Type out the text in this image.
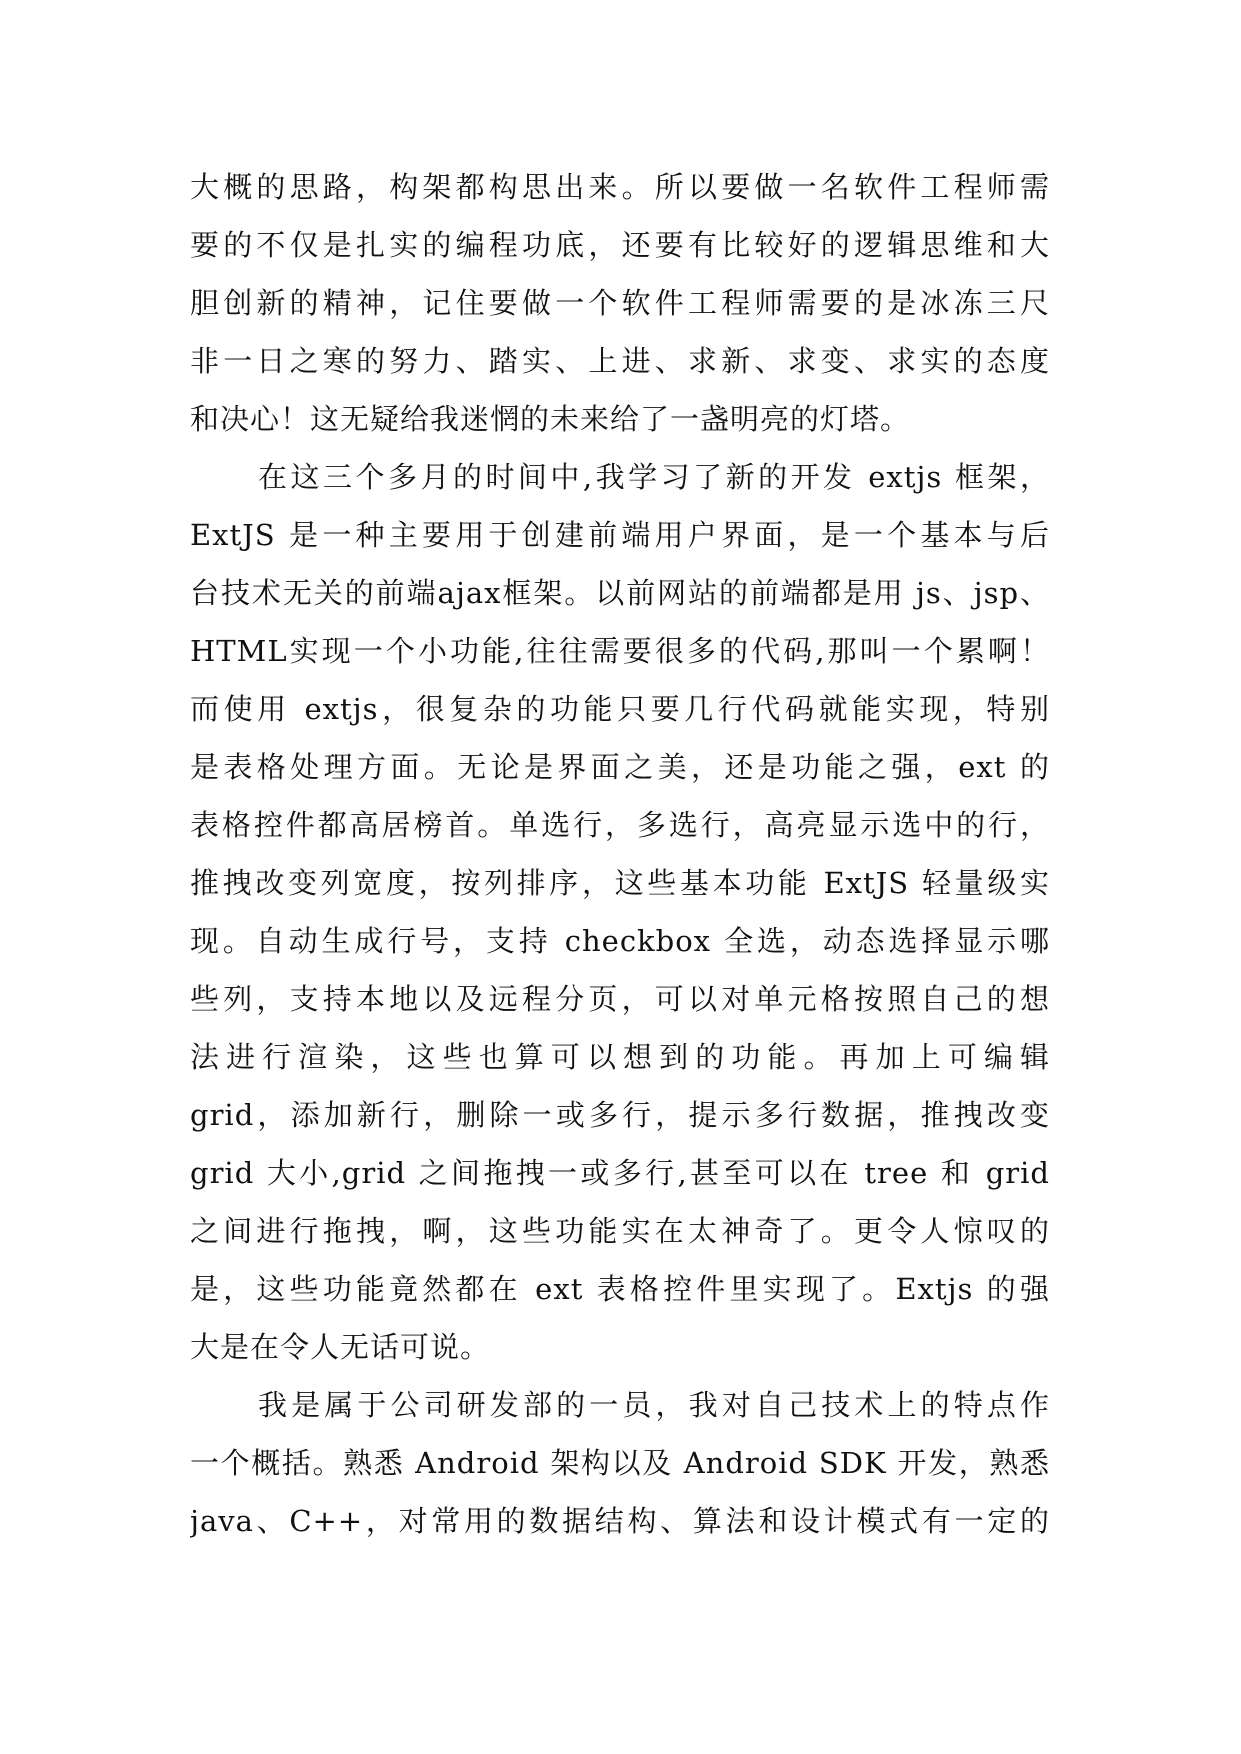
大概的思路，构架都构思出来。所以要做一名软件工程师需
要的不仅是扎实的编程功底，还要有比较好的逻辑思维和大
胆创新的精神，记住要做一个软件工程师需要的是冰冻三尺
非一日之寒的努力、踏实、上进、求新、求变、求实的态度
和决心！这无疑给我迷惘的未来给了一盏明亮的灯塔。
在这三个多月的时间中,我学习了新的开发 extjs 框架，
ExtJS 是一种主要用于创建前端用户界面，是一个基本与后
台技术无关的前端ajax框架。以前网站的前端都是用 js、jsp、
HTML实现一个小功能,往往需要很多的代码,那叫一个累啊！
而使用 extjs，很复杂的功能只要几行代码就能实现，特别
是表格处理方面。无论是界面之美，还是功能之强，ext 的
表格控件都高居榜首。单选行，多选行，高亮显示选中的行，
推拽改变列宽度，按列排序，这些基本功能 ExtJS 轻量级实
现。自动生成行号，支持 checkbox 全选，动态选择显示哪
些列，支持本地以及远程分页，可以对单元格按照自己的想
法进行渲染，这些也算可以想到的功能。再加上可编辑
grid，添加新行，删除一或多行，提示多行数据，推拽改变
grid 大小,grid 之间拖拽一或多行,甚至可以在 tree 和 grid
之间进行拖拽，啊，这些功能实在太神奇了。更令人惊叹的
是，这些功能竟然都在 ext 表格控件里实现了。Extjs 的强
大是在令人无话可说。
我是属于公司研发部的一员，我对自己技术上的特点作
一个概括。熟悉 Android 架构以及 Android SDK 开发，熟悉
java、C++，对常用的数据结构、算法和设计模式有一定的
